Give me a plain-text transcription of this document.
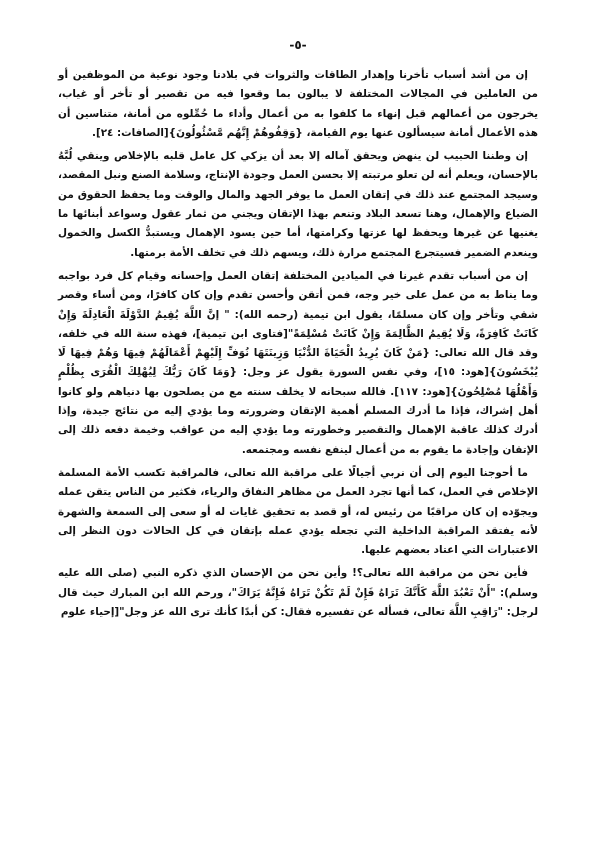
-٥-

إن من أشد أسباب تأخرنا وإهدار الطاقات والثروات في بلادنا وجود نوعية من الموظفين أو من العاملين في المجالات المختلفة لا يبالون بما وقعوا فيه من تقصير أو تأخر أو غياب، يخرجون من أعمالهم قبل إنهاء ما كلفوا به من أعمال وأداء ما حُمِّلوه من أمانة، متناسين أن هذه الأعمال أمانة سيسألون عنها يوم القيامة، {وَقِفُوهُمْ إِنَّهُم مَّسْئُولُونَ}[الصافات: ٢٤].

إن وطننا الحبيب لن ينهض ويحقق آماله إلا بعد أن يزكي كل عامل قلبه بالإخلاص وينقي لُبَّهُ بالإحسان، ويعلم أنه لن تعلو مرتبته إلا بحسن العمل وجودة الإنتاج، وسلامة الصنع ونبل المقصد، وسيجد المجتمع عند ذلك في إتقان العمل ما يوفر الجهد والمال والوقت وما يحفظ الحقوق من الضياع والإهمال، وهنا تسعد البلاد وتنعم بهذا الإتقان ويجني من ثمار عقول وسواعد أبنائها ما يغنيها عن غيرها ويحفظ لها عزتها وكرامتها، أما حين يسود الإهمال ويستبدُّ الكسل والخمول وينعدم الضمير فسيتجرع المجتمع مرارة ذلك، ويسهم ذلك في تخلف الأمة برمتها.

إن من أسباب تقدم غيرنا في الميادين المختلفة إتقان العمل وإحسانه وقيام كل فرد بواجبه وما يناط به من عمل على خير وجه، فمن أتقن وأحسن تقدم وإن كان كافرًا، ومن أساء وقصر شقي وتأخر وإن كان مسلمًا، يقول ابن تيمية (رحمه الله): " إنَّ اللَّهَ يُقِيمُ الدَّوْلَةَ الْعَادِلَةَ وَإِنْ كَانَتْ كَافِرَةً، وَلَا يُقِيمُ الظَّالِمَةَ وَإِنْ كَانَتْ مُسْلِمَةً"[فتاوى ابن تيمية]، فهذه سنة الله في خلقه، وقد قال الله تعالى: {مَنْ كَانَ يُرِيدُ الْحَيَاةَ الدُّنْيَا وَزِينَتَهَا نُوَفِّ إِلَيْهِمْ أَعْمَالَهُمْ فِيهَا وَهُمْ فِيهَا لَا يُبْخَسُونَ}[هود: ١٥]، وفي نفس السورة يقول عز وجل: {وَمَا كَانَ رَبُّكَ لِيُهْلِكَ الْقُرَى بِظُلْمٍ وَأَهْلُهَا مُصْلِحُونَ}[هود: ١١٧]. فالله سبحانه لا يخلف سنته مع من يصلحون بها دنياهم ولو كانوا أهل إشراك، فإذا ما أدرك المسلم أهمية الإتقان وضرورته وما يؤدي إليه من نتائج جيدة، وإذا أدرك كذلك عاقبة الإهمال والتقصير وخطورته وما يؤدي إليه من عواقب وخيمة دفعه ذلك إلى الإتقان وإجادة ما يقوم به من أعمال لينفع نفسه ومجتمعه.

ما أحوجنا اليوم إلى أن نربي أجيالًا على مراقبة الله تعالى، فالمراقبة تكسب الأمة المسلمة الإخلاص في العمل، كما أنها تجرد العمل من مظاهر النفاق والرياء، فكثير من الناس يتقن عمله ويجوّده إن كان مراقبًا من رئيس له، أو قصد به تحقيق غايات له أو سعى إلى السمعة والشهرة لأنه يفتقد المراقبة الداخلية التي تجعله يؤدي عمله بإتقان في كل الحالات دون النظر إلى الاعتبارات التي اعتاد بعضهم عليها.

فأين نحن من مراقبة الله تعالى؟! وأين نحن من الإحسان الذي ذكره النبي (صلى الله عليه وسلم): "أَنْ تَعْبُدَ اللَّهَ كَأَنَّكَ تَرَاهُ فَإِنْ لَمْ تَكُنْ تَرَاهُ فَإِنَّهُ يَرَاكَ"، ورحم الله ابن المبارك حيث قال لرجل: "رَاقِبِ اللَّهَ تعالى، فسأله عن تفسيره فقال: كن أبدًا كأنك ترى الله عز وجل"[إحياء علوم
